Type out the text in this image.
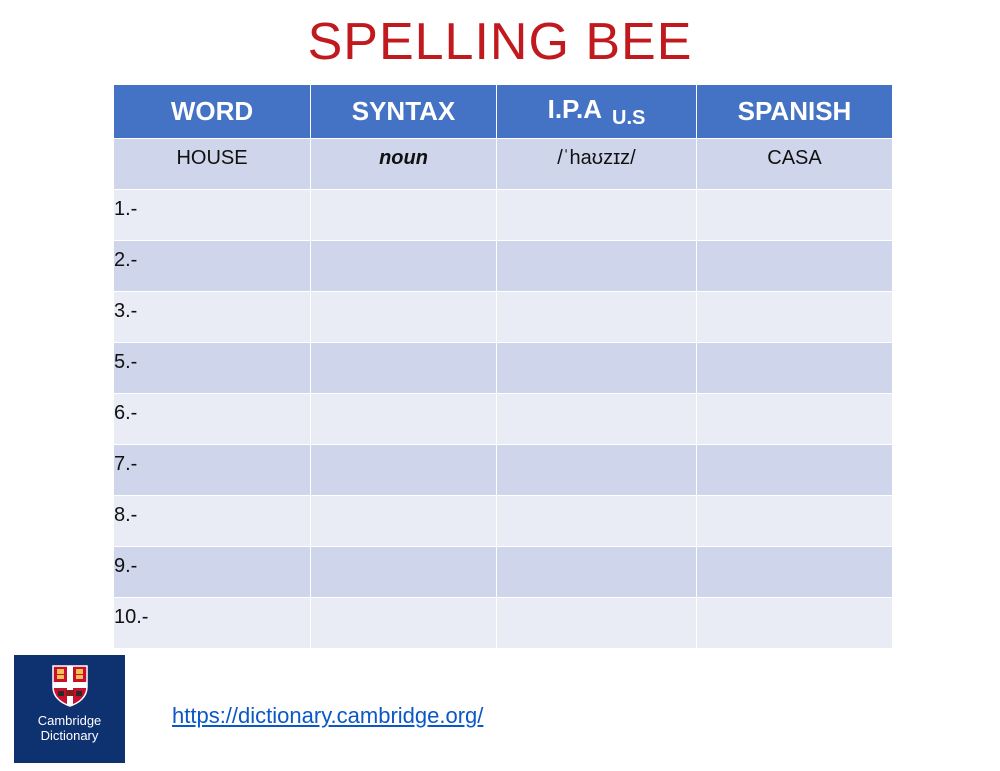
SPELLING BEE
WORD	SYNTAX	I.P.A $_{U.S}$	SPANISH
HOUSE	noun	/ˈhaʊzɪz/	CASA
1.-			
2.-			
3.-			
5.-			
6.-			
7.-			
8.-			
9.-			
10.-			
Cambridge
Dictionary
https://dictionary.cambridge.org/
